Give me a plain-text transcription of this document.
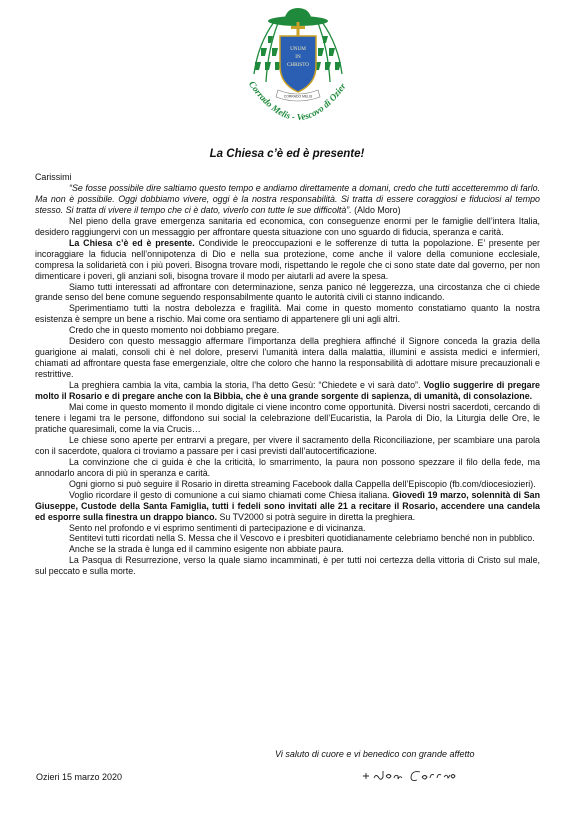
UNUM
IN
CHRISTO
CORRADO MELIS
Corrado Melis - Vescovo di Ozier
La Chiesa c’è ed è presente!

Carissimi

“Se fosse possibile dire saltiamo questo tempo e andiamo direttamente a domani, credo che tutti accetteremmo di farlo. Ma non è possibile. Oggi dobbiamo vivere, oggi è la nostra responsabilità. Si tratta di essere coraggiosi e fiduciosi al tempo stesso. Si tratta di vivere il tempo che ci è dato, viverlo con tutte le sue difficoltà”. (Aldo Moro)

Nel pieno della grave emergenza sanitaria ed economica, con conseguenze enormi per le famiglie dell’intera Italia, desidero raggiungervi con un messaggio per affrontare questa situazione con uno sguardo di fiducia, speranza e carità.

La Chiesa c’è ed è presente. Condivide le preoccupazioni e le sofferenze di tutta la popolazione. E’ presente per incoraggiare la fiducia nell’onnipotenza di Dio e nella sua protezione, come anche il valore della comunione ecclesiale, compresa la solidarietà con i più poveri. Bisogna trovare modi, rispettando le regole che ci sono state date dal governo, per non dimenticare i poveri, gli anziani soli, bisogna trovare il modo per aiutarli ad avere la spesa.

Siamo tutti interessati ad affrontare con determinazione, senza panico né leggerezza, una circostanza che ci chiede grande senso del bene comune seguendo responsabilmente quanto le autorità civili ci stanno indicando.

Sperimentiamo tutti la nostra debolezza e fragilità. Mai come in questo momento constatiamo quanto la nostra esistenza è sempre un bene a rischio. Mai come ora sentiamo di appartenere gli uni agli altri.

Credo che in questo momento noi dobbiamo pregare.

Desidero con questo messaggio affermare l’importanza della preghiera affinché il Signore conceda la grazia della guarigione ai malati, consoli chi è nel dolore, preservi l’umanità intera dalla malattia, illumini e assista medici e infermieri, chiamati ad affrontare questa fase emergenziale, oltre che coloro che hanno la responsabilità di adottare misure precauzionali e restrittive.

La preghiera cambia la vita, cambia la storia, l’ha detto Gesù: “Chiedete e vi sarà dato”. Voglio suggerire di pregare molto il Rosario e di pregare anche con la Bibbia, che è una grande sorgente di sapienza, di umanità, di consolazione.

Mai come in questo momento il mondo digitale ci viene incontro come opportunità. Diversi nostri sacerdoti, cercando di tenere i legami tra le persone, diffondono sui social la celebrazione dell’Eucaristia, la Parola di Dio, la Liturgia delle Ore, le pratiche quaresimali, come la via Crucis…

Le chiese sono aperte per entrarvi a pregare, per vivere il sacramento della Riconciliazione, per scambiare una parola con il sacerdote, qualora ci troviamo a passare per i casi previsti dall’autocertificazione.

La convinzione che ci guida è che la criticità, lo smarrimento, la paura non possono spezzare il filo della fede, ma annodarlo ancora di più in speranza e carità.

Ogni giorno si può seguire il Rosario in diretta streaming Facebook dalla Cappella dell’Episcopio (fb.com/diocesiozieri).

Voglio ricordare il gesto di comunione a cui siamo chiamati come Chiesa italiana. Giovedì 19 marzo, solennità di San Giuseppe, Custode della Santa Famiglia, tutti i fedeli sono invitati alle 21 a recitare il Rosario, accendere una candela ed esporre sulla finestra un drappo bianco. Su TV2000 si potrà seguire in diretta la preghiera.

Sento nel profondo e vi esprimo sentimenti di partecipazione e di vicinanza.

Sentitevi tutti ricordati nella S. Messa che il Vescovo e i presbiteri quotidianamente celebriamo benché non in pubblico.

Anche se la strada è lunga ed il cammino esigente non abbiate paura.

La Pasqua di Resurrezione, verso la quale siamo incamminati, è per tutti noi certezza della vittoria di Cristo sul male, sul peccato e sulla morte.

Vi saluto di cuore e vi benedico con grande affetto
Ozieri 15 marzo 2020
